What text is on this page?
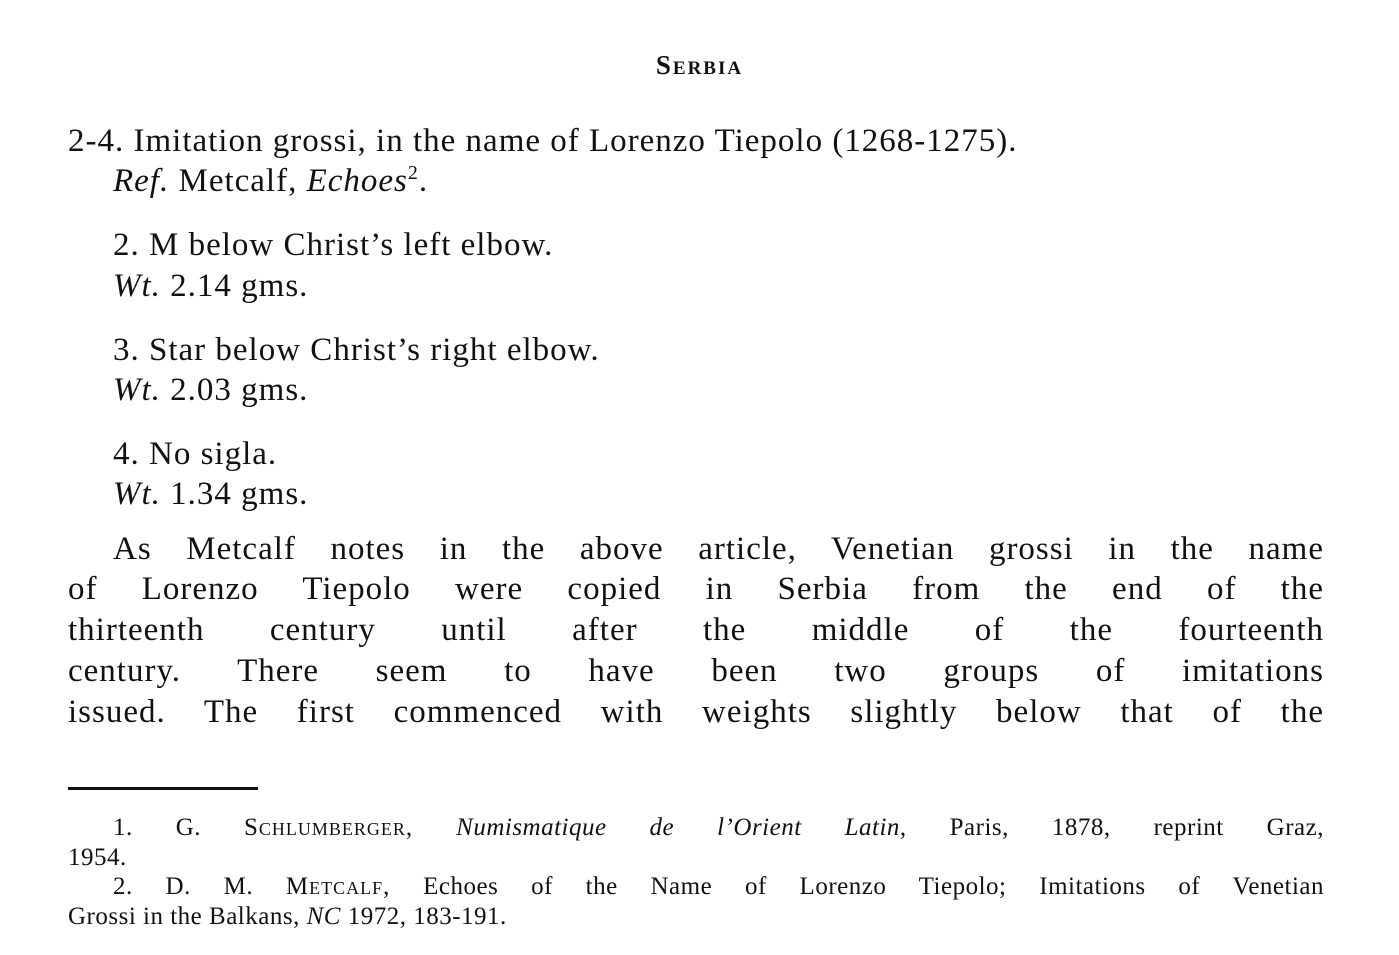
Serbia
2-4. Imitation grossi, in the name of Lorenzo Tiepolo (1268-1275).
Ref. Metcalf, Echoes$^2$.
2. M below Christ’s left elbow.
Wt. 2.14 gms.
3. Star below Christ’s right elbow.
Wt. 2.03 gms.
4. No sigla.
Wt. 1.34 gms.
As Metcalf notes in the above article, Venetian grossi in the name
of Lorenzo Tiepolo were copied in Serbia from the end of the
thirteenth century until after the middle of the fourteenth
century. There seem to have been two groups of imitations
issued. The first commenced with weights slightly below that of the
1. G. Schlumberger, Numismatique de l’Orient Latin, Paris, 1878, reprint Graz,
1954.
2. D. M. Metcalf, Echoes of the Name of Lorenzo Tiepolo; Imitations of Venetian
Grossi in the Balkans, NC 1972, 183-191.
